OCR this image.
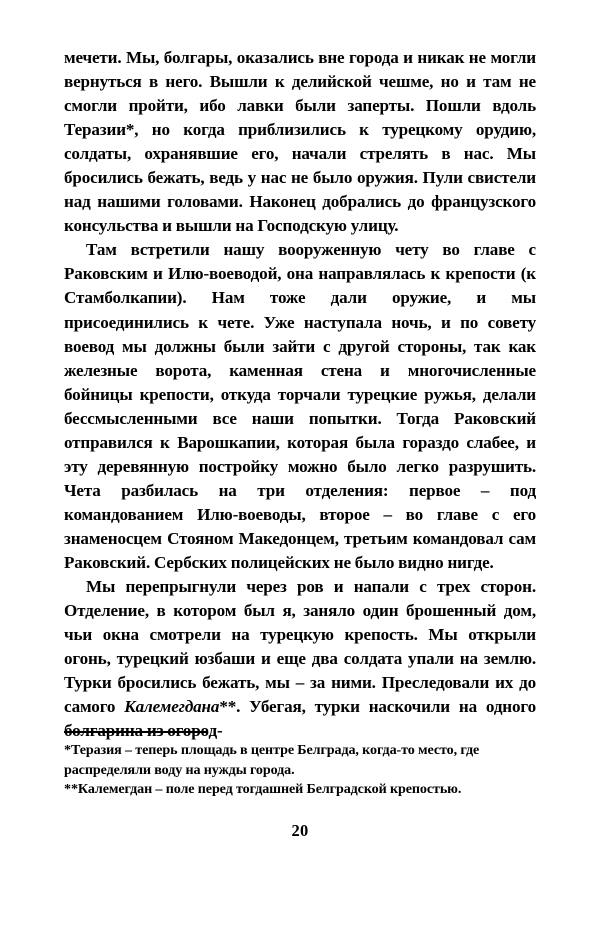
мечети. Мы, болгары, оказались вне города и никак не могли вернуться в него. Вышли к делийской чешме, но и там не смогли пройти, ибо лавки были заперты. Пошли вдоль Теразии*, но когда приблизились к турецкому орудию, солдаты, охранявшие его, начали стрелять в нас. Мы бросились бежать, ведь у нас не было оружия. Пули свистели над нашими головами. Наконец добрались до французского консульства и вышли на Господскую улицу.

Там встретили нашу вооруженную чету во главе с Раковским и Илю-воеводой, она направлялась к крепости (к Стамболкапии). Нам тоже дали оружие, и мы присоединились к чете. Уже наступала ночь, и по совету воевод мы должны были зайти с другой стороны, так как железные ворота, каменная стена и многочисленные бойницы крепости, откуда торчали турецкие ружья, делали бессмысленными все наши попытки. Тогда Раковский отправился к Варошкапии, которая была гораздо слабее, и эту деревянную постройку можно было легко разрушить. Чета разбилась на три отделения: первое – под командованием Илю-воеводы, второе – во главе с его знаменосцем Стояном Македонцем, третьим командовал сам Раковский. Сербских полицейских не было видно нигде.

Мы перепрыгнули через ров и напали с трех сторон. Отделение, в котором был я, заняло один брошенный дом, чьи окна смотрели на турецкую крепость. Мы открыли огонь, турецкий юзбаши и еще два солдата упали на землю. Турки бросились бежать, мы – за ними. Преследовали их до самого Калемегдана**. Убегая, турки наскочили на одного болгарина из огород-

*Теразия – теперь площадь в центре Белграда, когда-то место, где распределяли воду на нужды города.

**Калемегдан – поле перед тогдашней Белградской крепостью.

20
